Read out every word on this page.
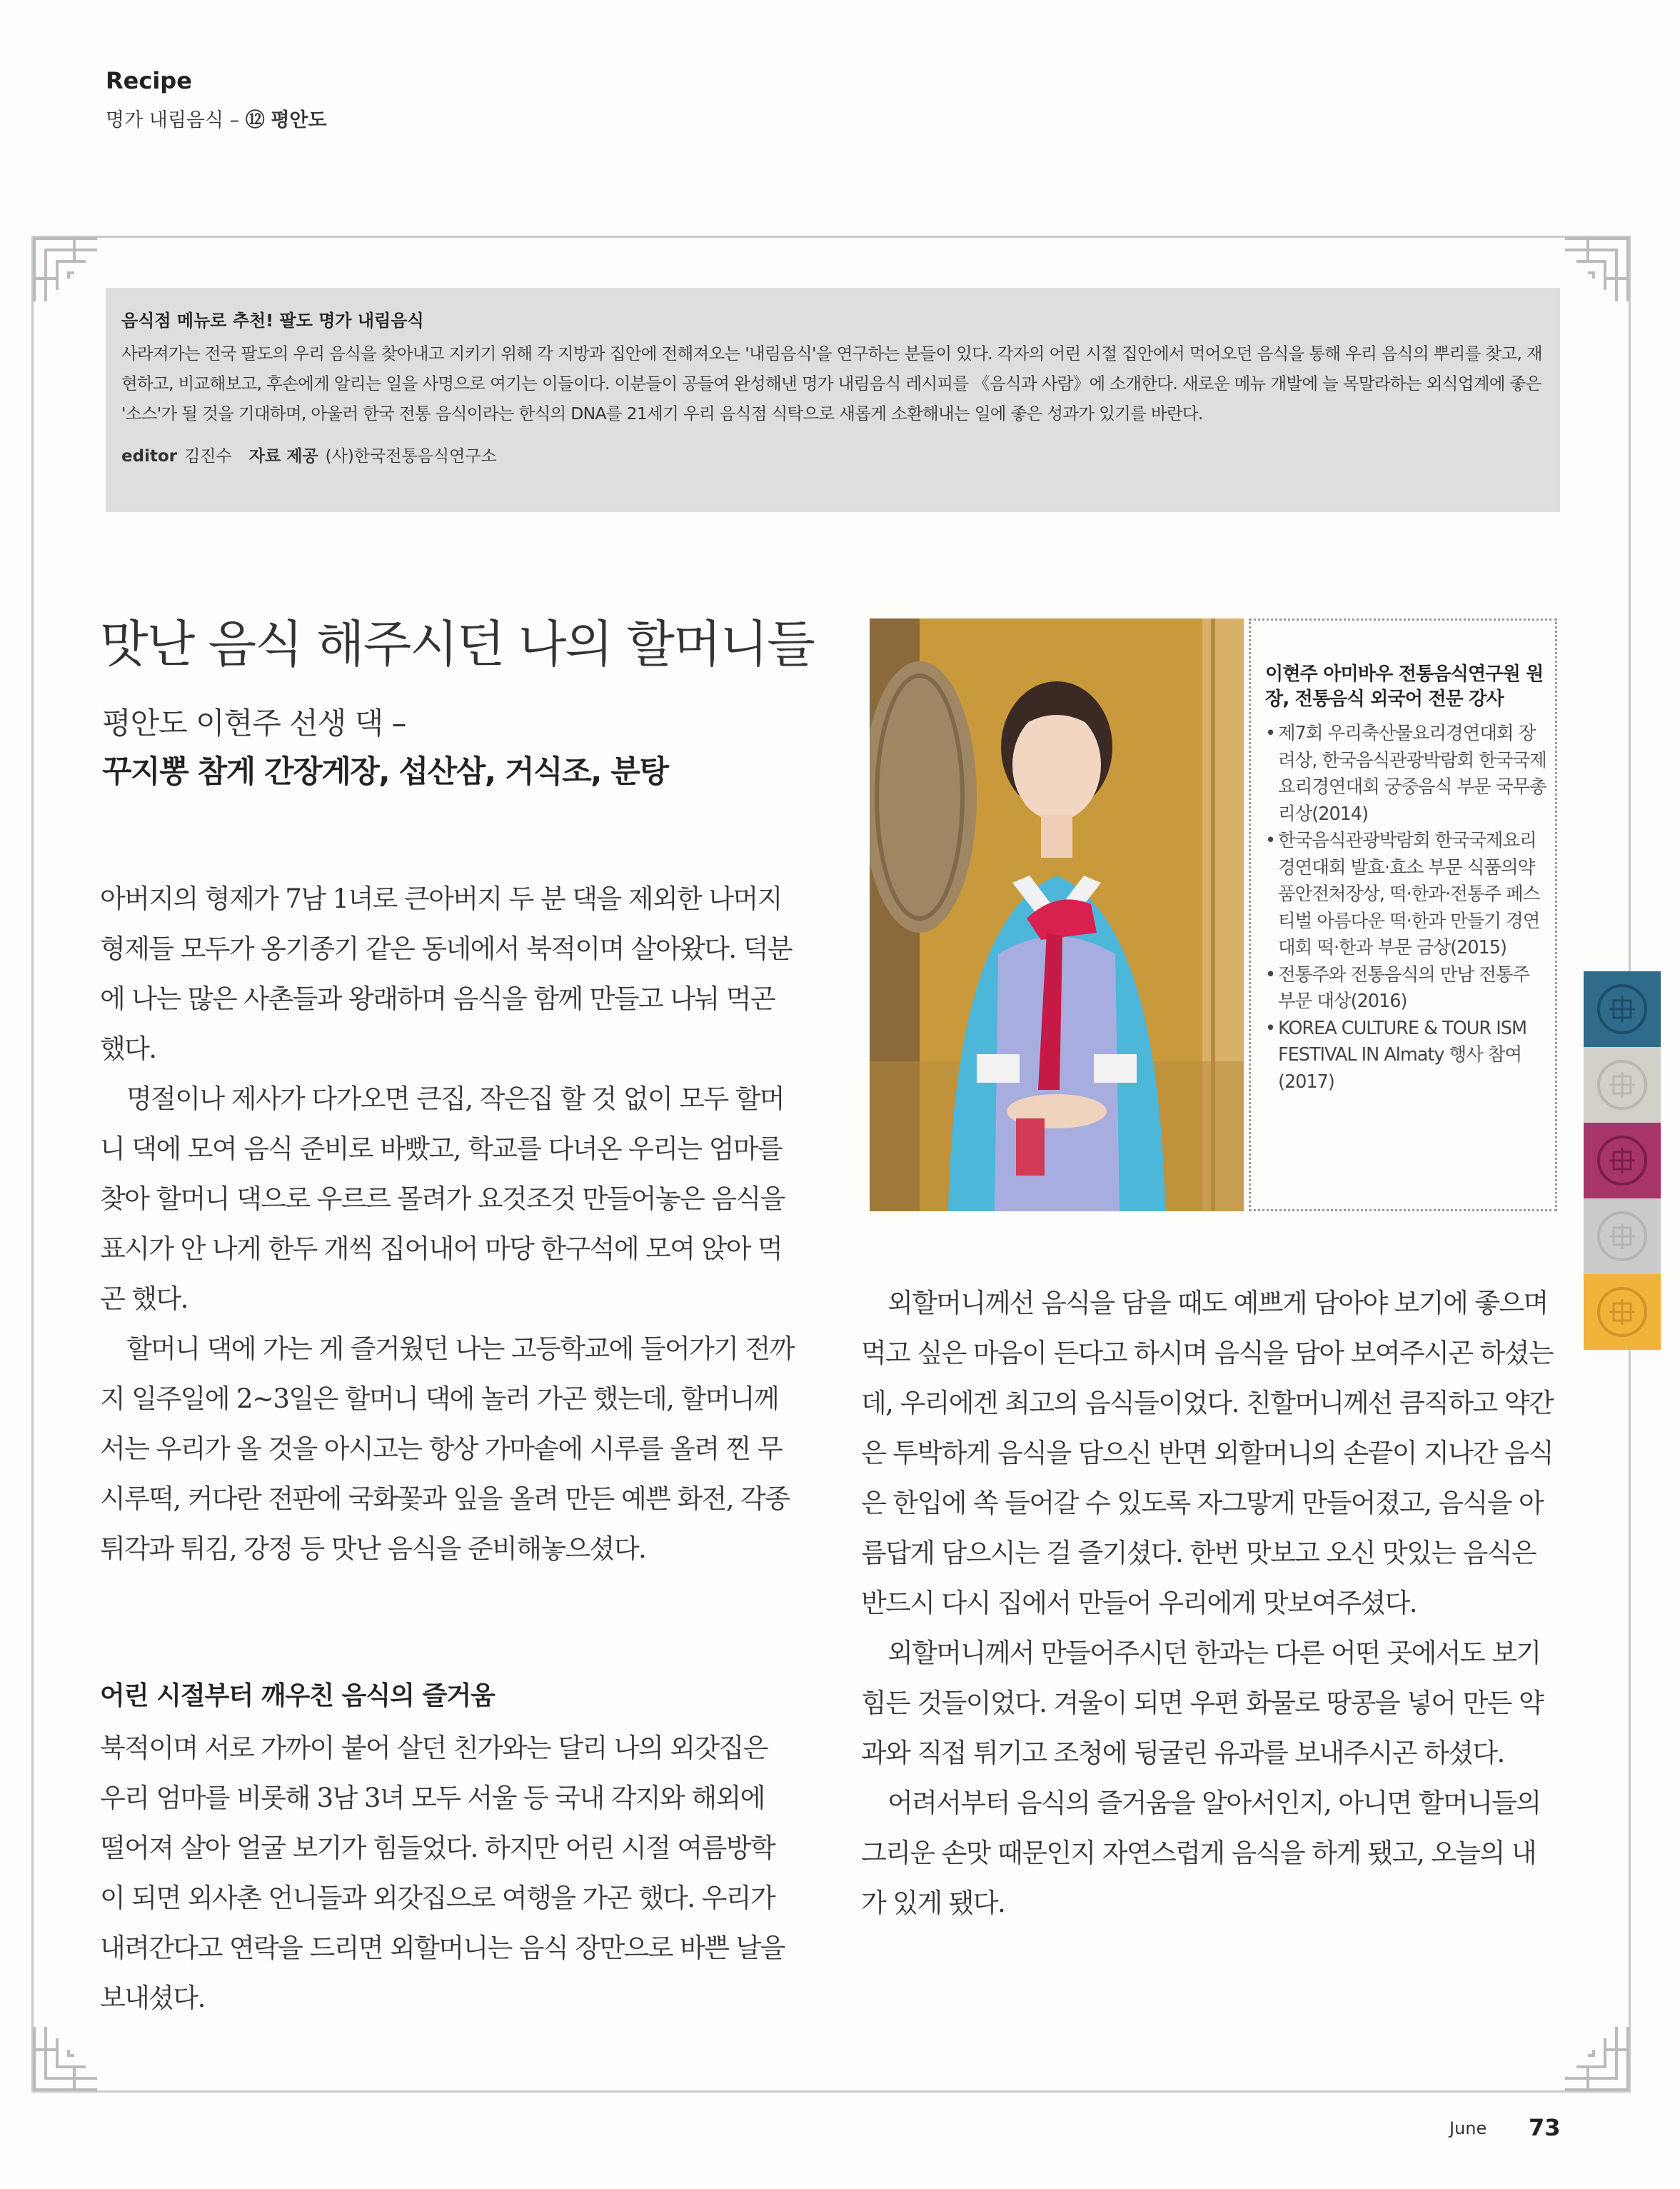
Recipe
명가 내림음식 – ⑫ 평안도
음식점 메뉴로 추천! 팔도 명가 내림음식
사라져가는 전국 팔도의 우리 음식을 찾아내고 지키기 위해 각 지방과 집안에 전해져오는 '내림음식'을 연구하는 분들이 있다. 각자의 어린 시절 집안에서 먹어오던 음식을 통해 우리 음식의 뿌리를 찾고, 재현하고, 비교해보고, 후손에게 알리는 일을 사명으로 여기는 이들이다. 이분들이 공들여 완성해낸 명가 내림음식 레시피를 《음식과 사람》에 소개한다. 새로운 메뉴 개발에 늘 목말라하는 외식업계에 좋은 '소스'가 될 것을 기대하며, 아울러 한국 전통 음식이라는 한식의 DNA를 21세기 우리 음식점 식탁으로 새롭게 소환해내는 일에 좋은 성과가 있기를 바란다.
editor 김진수 자료 제공 (사)한국전통음식연구소
맛난 음식 해주시던 나의 할머니들
평안도 이현주 선생 댁 –
꾸지뽕 참게 간장게장, 섭산삼, 거식조, 분탕

아버지의 형제가 7남 1녀로 큰아버지 두 분 댁을 제외한 나머지 형제들 모두가 옹기종기 같은 동네에서 북적이며 살아왔다. 덕분에 나는 많은 사촌들과 왕래하며 음식을 함께 만들고 나눠 먹곤 했다.

명절이나 제사가 다가오면 큰집, 작은집 할 것 없이 모두 할머니 댁에 모여 음식 준비로 바빴고, 학교를 다녀온 우리는 엄마를 찾아 할머니 댁으로 우르르 몰려가 요것조것 만들어놓은 음식을 표시가 안 나게 한두 개씩 집어내어 마당 한구석에 모여 앉아 먹곤 했다.

할머니 댁에 가는 게 즐거웠던 나는 고등학교에 들어가기 전까지 일주일에 2~3일은 할머니 댁에 놀러 가곤 했는데, 할머니께서는 우리가 올 것을 아시고는 항상 가마솥에 시루를 올려 찐 무시루떡, 커다란 전판에 국화꽃과 잎을 올려 만든 예쁜 화전, 각종 튀각과 튀김, 강정 등 맛난 음식을 준비해놓으셨다.

어린 시절부터 깨우친 음식의 즐거움

북적이며 서로 가까이 붙어 살던 친가와는 달리 나의 외갓집은 우리 엄마를 비롯해 3남 3녀 모두 서울 등 국내 각지와 해외에 떨어져 살아 얼굴 보기가 힘들었다. 하지만 어린 시절 여름방학이 되면 외사촌 언니들과 외갓집으로 여행을 가곤 했다. 우리가 내려간다고 연락을 드리면 외할머니는 음식 장만으로 바쁜 날을 보내셨다.

이현주 아미바우 전통음식연구원 원장, 전통음식 외국어 전문 강사
• 제7회 우리축산물요리경연대회 장려상, 한국음식관광박람회 한국국제요리경연대회 궁중음식 부문 국무총리상(2014)
• 한국음식관광박람회 한국국제요리경연대회 발효·효소 부문 식품의약품안전처장상, 떡·한과·전통주 페스티벌 아름다운 떡·한과 만들기 경연대회 떡·한과 부문 금상(2015)
• 전통주와 전통음식의 만남 전통주 부문 대상(2016)
• KOREA CULTURE & TOUR ISM FESTIVAL IN Almaty 행사 참여(2017)

외할머니께선 음식을 담을 때도 예쁘게 담아야 보기에 좋으며 먹고 싶은 마음이 든다고 하시며 음식을 담아 보여주시곤 하셨는데, 우리에겐 최고의 음식들이었다. 친할머니께선 큼직하고 약간은 투박하게 음식을 담으신 반면 외할머니의 손끝이 지나간 음식은 한입에 쏙 들어갈 수 있도록 자그맣게 만들어졌고, 음식을 아름답게 담으시는 걸 즐기셨다. 한번 맛보고 오신 맛있는 음식은 반드시 다시 집에서 만들어 우리에게 맛보여주셨다.

외할머니께서 만들어주시던 한과는 다른 어떤 곳에서도 보기 힘든 것들이었다. 겨울이 되면 우편 화물로 땅콩을 넣어 만든 약과와 직접 튀기고 조청에 뒹굴린 유과를 보내주시곤 하셨다.

어려서부터 음식의 즐거움을 알아서인지, 아니면 할머니들의 그리운 손맛 때문인지 자연스럽게 음식을 하게 됐고, 오늘의 내가 있게 됐다.

June 73
